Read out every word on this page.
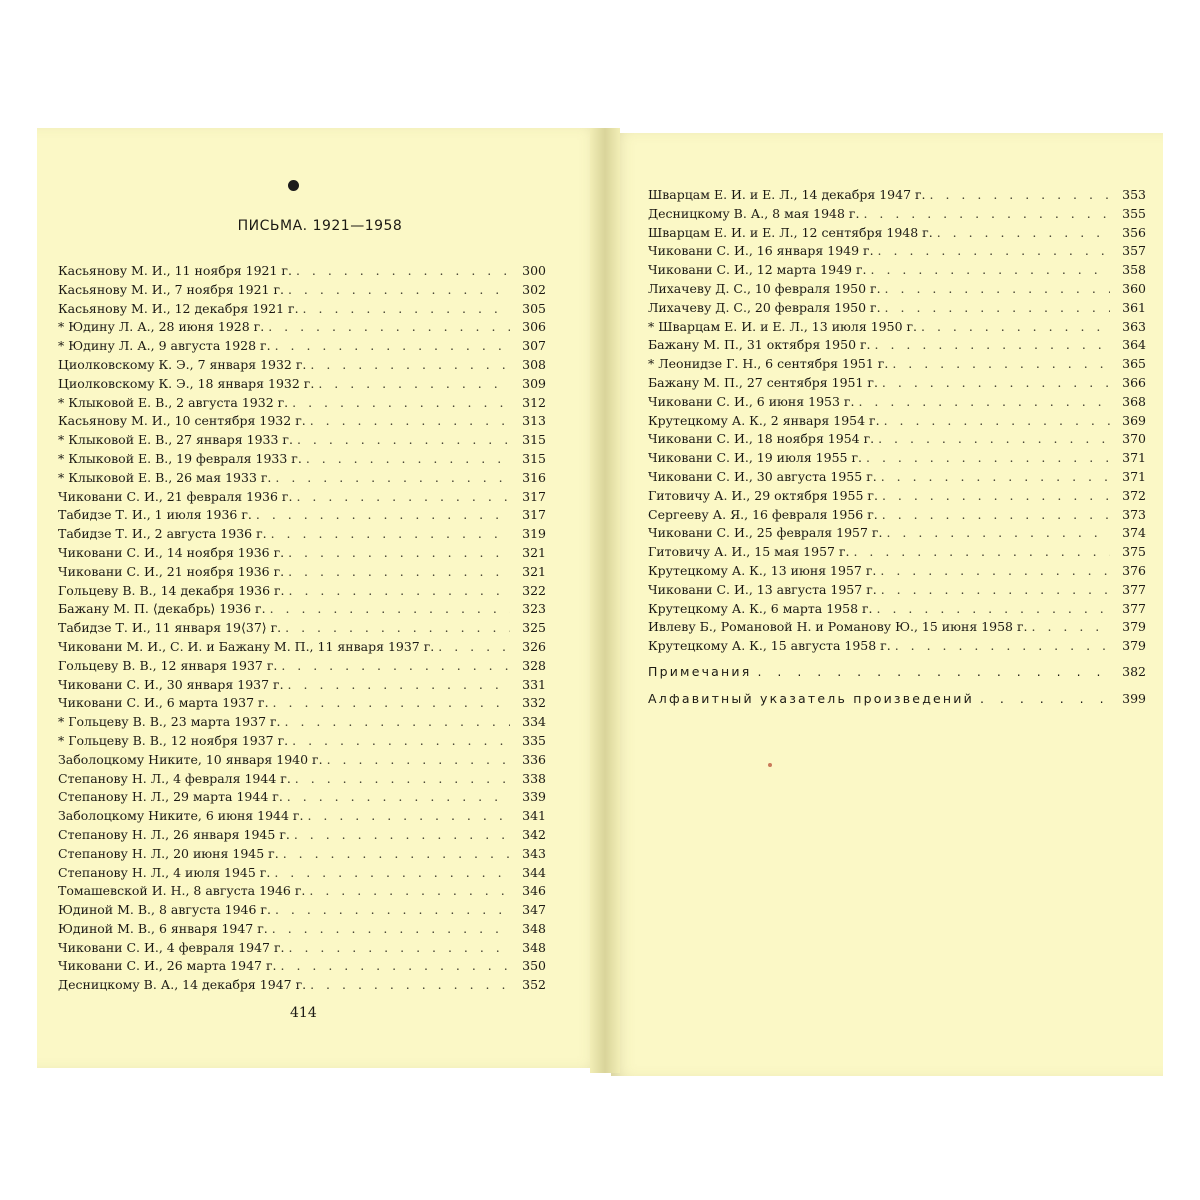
ПИСЬМА. 1921—1958
Касьянову М. И., 11 ноября 1921 г. . . .	300
Касьянову М. И., 7 ноября 1921 г. . . .	302
Касьянову М. И., 12 декабря 1921 г. . . .	305
* Юдину Л. А., 28 июня 1928 г. . . .	306
* Юдину Л. А., 9 августа 1928 г. . . .	307
Циолковскому К. Э., 7 января 1932 г. . . .	308
Циолковскому К. Э., 18 января 1932 г. . . .	309
* Клыковой Е. В., 2 августа 1932 г. . . .	312
Касьянову М. И., 10 сентября 1932 г. . . .	313
* Клыковой Е. В., 27 января 1933 г. . . .	315
* Клыковой Е. В., 19 февраля 1933 г. . . .	315
* Клыковой Е. В., 26 мая 1933 г. . . .	316
Чиковани С. И., 21 февраля 1936 г. . . .	317
Табидзе Т. И., 1 июля 1936 г. . . .	317
Табидзе Т. И., 2 августа 1936 г. . . .	319
Чиковани С. И., 14 ноября 1936 г. . . .	321
Чиковани С. И., 21 ноября 1936 г. . . .	321
Гольцеву В. В., 14 декабря 1936 г. . . .	322
Бажану М. П. ⟨декабрь⟩ 1936 г. . . .	323
Табидзе Т. И., 11 января 19⟨37⟩ г. . . .	325
Чиковани М. И., С. И. и Бажану М. П., 11 января 1937 г. . . .	326
Гольцеву В. В., 12 января 1937 г. . . .	328
Чиковани С. И., 30 января 1937 г. . . .	331
Чиковани С. И., 6 марта 1937 г. . . .	332
* Гольцеву В. В., 23 марта 1937 г. . . .	334
* Гольцеву В. В., 12 ноября 1937 г. . . .	335
Заболоцкому Никите, 10 января 1940 г. . . .	336
Степанову Н. Л., 4 февраля 1944 г. . . .	338
Степанову Н. Л., 29 марта 1944 г. . . .	339
Заболоцкому Никите, 6 июня 1944 г. . . .	341
Степанову Н. Л., 26 января 1945 г. . . .	342
Степанову Н. Л., 20 июня 1945 г. . . .	343
Степанову Н. Л., 4 июля 1945 г. . . .	344
Томашевской И. Н., 8 августа 1946 г. . . .	346
Юдиной М. В., 8 августа 1946 г. . . .	347
Юдиной М. В., 6 января 1947 г. . . .	348
Чиковани С. И., 4 февраля 1947 г. . . .	348
Чиковани С. И., 26 марта 1947 г. . . .	350
Десницкому В. А., 14 декабря 1947 г. . . .	352
Шварцам Е. И. и Е. Л., 14 декабря 1947 г. . . .	353
Десницкому В. А., 8 мая 1948 г. . . .	355
Шварцам Е. И. и Е. Л., 12 сентября 1948 г. . . .	356
Чиковани С. И., 16 января 1949 г. . . .	357
Чиковани С. И., 12 марта 1949 г. . . .	358
Лихачеву Д. С., 10 февраля 1950 г. . . .	360
Лихачеву Д. С., 20 февраля 1950 г. . . .	361
* Шварцам Е. И. и Е. Л., 13 июля 1950 г. . . .	363
Бажану М. П., 31 октября 1950 г. . . .	364
* Леонидзе Г. Н., 6 сентября 1951 г. . . .	365
Бажану М. П., 27 сентября 1951 г. . . .	366
Чиковани С. И., 6 июня 1953 г. . . .	368
Крутецкому А. К., 2 января 1954 г. . . .	369
Чиковани С. И., 18 ноября 1954 г. . . .	370
Чиковани С. И., 19 июля 1955 г. . . .	371
Чиковани С. И., 30 августа 1955 г. . . .	371
Гитовичу А. И., 29 октября 1955 г. . . .	372
Сергееву А. Я., 16 февраля 1956 г. . . .	373
Чиковани С. И., 25 февраля 1957 г. . . .	374
Гитовичу А. И., 15 мая 1957 г. . . .	375
Крутецкому А. К., 13 июня 1957 г. . . .	376
Чиковани С. И., 13 августа 1957 г. . . .	377
Крутецкому А. К., 6 марта 1958 г. . . .	377
Ивлеву Б., Романовой Н. и Романову Ю., 15 июня 1958 г. . . .	379
Крутецкому А. К., 15 августа 1958 г. . . .	379
Примечания . . .	382
Алфавитный указатель произведений . . .	399
414
